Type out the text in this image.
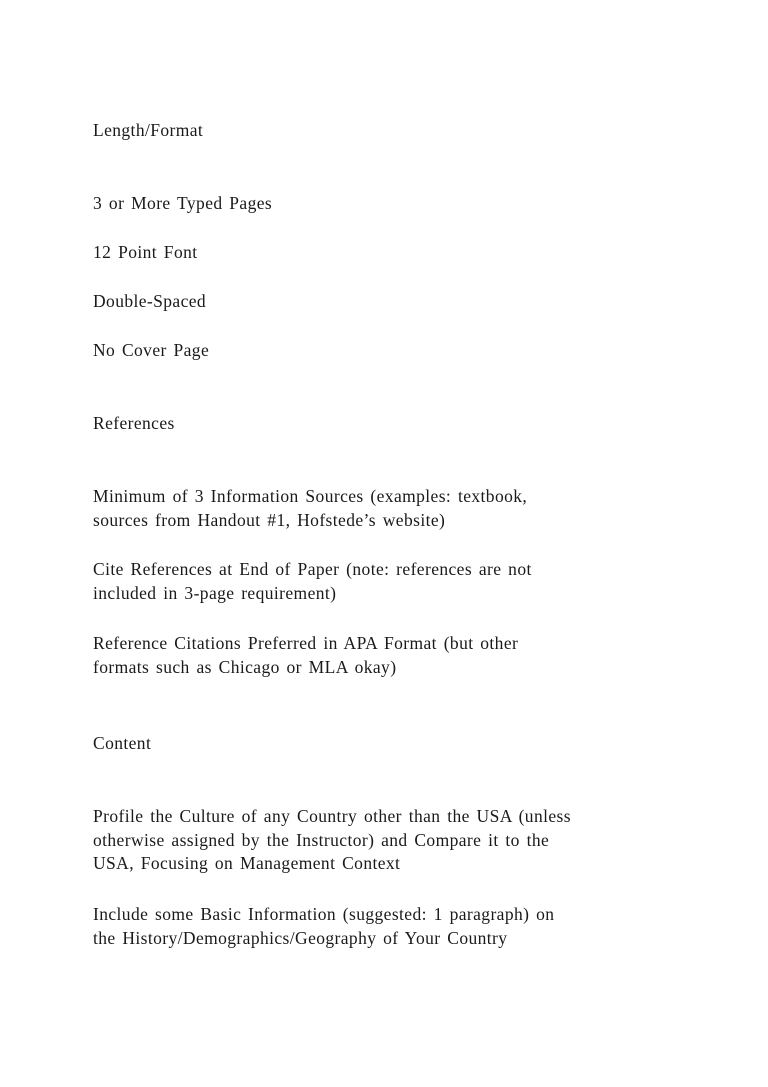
Length/Format
3 or More Typed Pages
12 Point Font
Double-Spaced
No Cover Page
References
Minimum of 3 Information Sources (examples: textbook,
sources from Handout #1, Hofstede’s website)
Cite References at End of Paper (note: references are not
included in 3-page requirement)
Reference Citations Preferred in APA Format (but other
formats such as Chicago or MLA okay)
Content
Profile the Culture of any Country other than the USA (unless
otherwise assigned by the Instructor) and Compare it to the
USA, Focusing on Management Context
Include some Basic Information (suggested: 1 paragraph) on
the History/Demographics/Geography of Your Country
